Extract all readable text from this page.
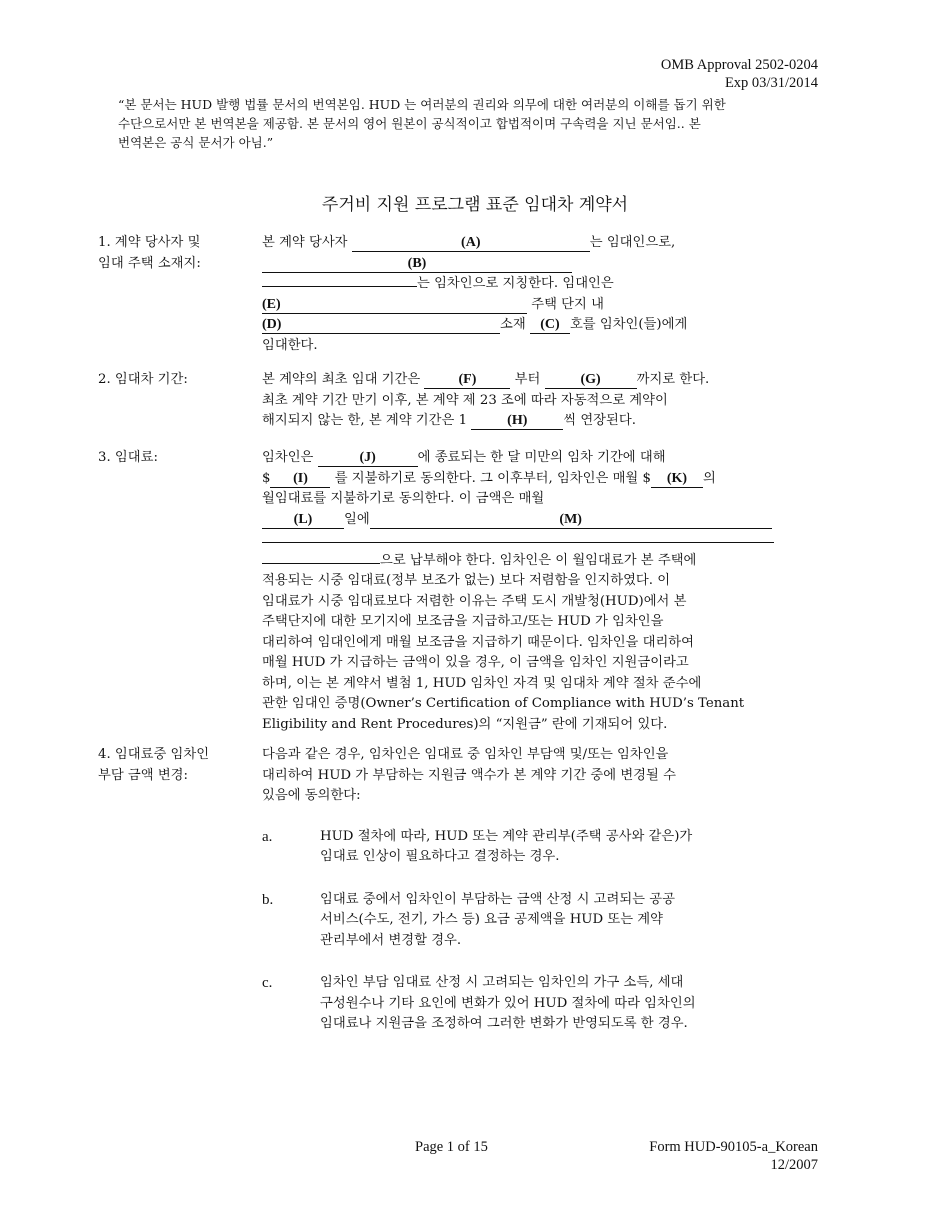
OMB Approval 2502-0204
Exp 03/31/2014
“본 문서는 HUD 발행 법률 문서의 번역본임. HUD 는 여러분의 권리와 의무에 대한 여러분의 이해를 돕기 위한
수단으로서만 본 번역본을 제공함. 본 문서의 영어 원본이 공식적이고 합법적이며 구속력을 지닌 문서임.. 본
번역본은 공식 문서가 아님.”
주거비 지원 프로그램 표준 임대차 계약서
1. 계약 당사자 및
임대 주택 소재지:
본 계약 당사자	(A)	는 임대인으로,
(B)
는 임차인으로 지칭한다. 임대인은
(E)	주택 단지 내
(D)	소재 (C) 호를 임차인(들)에게
임대한다.
2. 임대차 기간:	본 계약의 최초 임대 기간은	(F)	부터	(G)	까지로 한다.
최초 계약 기간 만기 이후, 본 계약 제 23 조에 따라 자동적으로 계약이
해지되지 않는 한, 본 계약 기간은 1	(H)	씩 연장된다.
3. 임대료:	임차인은	(J)	에 종료되는 한 달 미만의 임차 기간에 대해
$ (I) 를 지불하기로 동의한다. 그 이후부터, 임차인은 매월 $ (K) 의
월임대료를 지불하기로 동의한다. 이 금액은 매월
(L) 일에	(M)
으로 납부해야 한다. 임차인은 이 월임대료가 본 주택에
적용되는 시중 임대료(정부 보조가 없는) 보다 저렴함을 인지하였다. 이
임대료가 시중 임대료보다 저렴한 이유는 주택 도시 개발청(HUD)에서 본
주택단지에 대한 모기지에 보조금을 지급하고/또는 HUD 가 임차인을
대리하여 임대인에게 매월 보조금을 지급하기 때문이다. 임차인을 대리하여
매월 HUD 가 지급하는 금액이 있을 경우, 이 금액을 임차인 지원금이라고
하며, 이는 본 계약서 별첨 1, HUD 임차인 자격 및 임대차 계약 절차 준수에
관한 임대인 증명(Owner’s Certification of Compliance with HUD’s Tenant
Eligibility and Rent Procedures)의 “지원금” 란에 기재되어 있다.
4. 임대료중 임차인
부담 금액 변경:
다음과 같은 경우, 임차인은 임대료 중 임차인 부담액 및/또는 임차인을
대리하여 HUD 가 부담하는 지원금 액수가 본 계약 기간 중에 변경될 수
있음에 동의한다:
a.	HUD 절차에 따라, HUD 또는 계약 관리부(주택 공사와 같은)가
임대료 인상이 필요하다고 결정하는 경우.
b.	임대료 중에서 임차인이 부담하는 금액 산정 시 고려되는 공공
서비스(수도, 전기, 가스 등) 요금 공제액을 HUD 또는 계약
관리부에서 변경할 경우.
c.	임차인 부담 임대료 산정 시 고려되는 임차인의 가구 소득, 세대
구성원수나 기타 요인에 변화가 있어 HUD 절차에 따라 임차인의
임대료나 지원금을 조정하여 그러한 변화가 반영되도록 한 경우.
Page 1 of 15	Form HUD-90105-a_Korean
12/2007
